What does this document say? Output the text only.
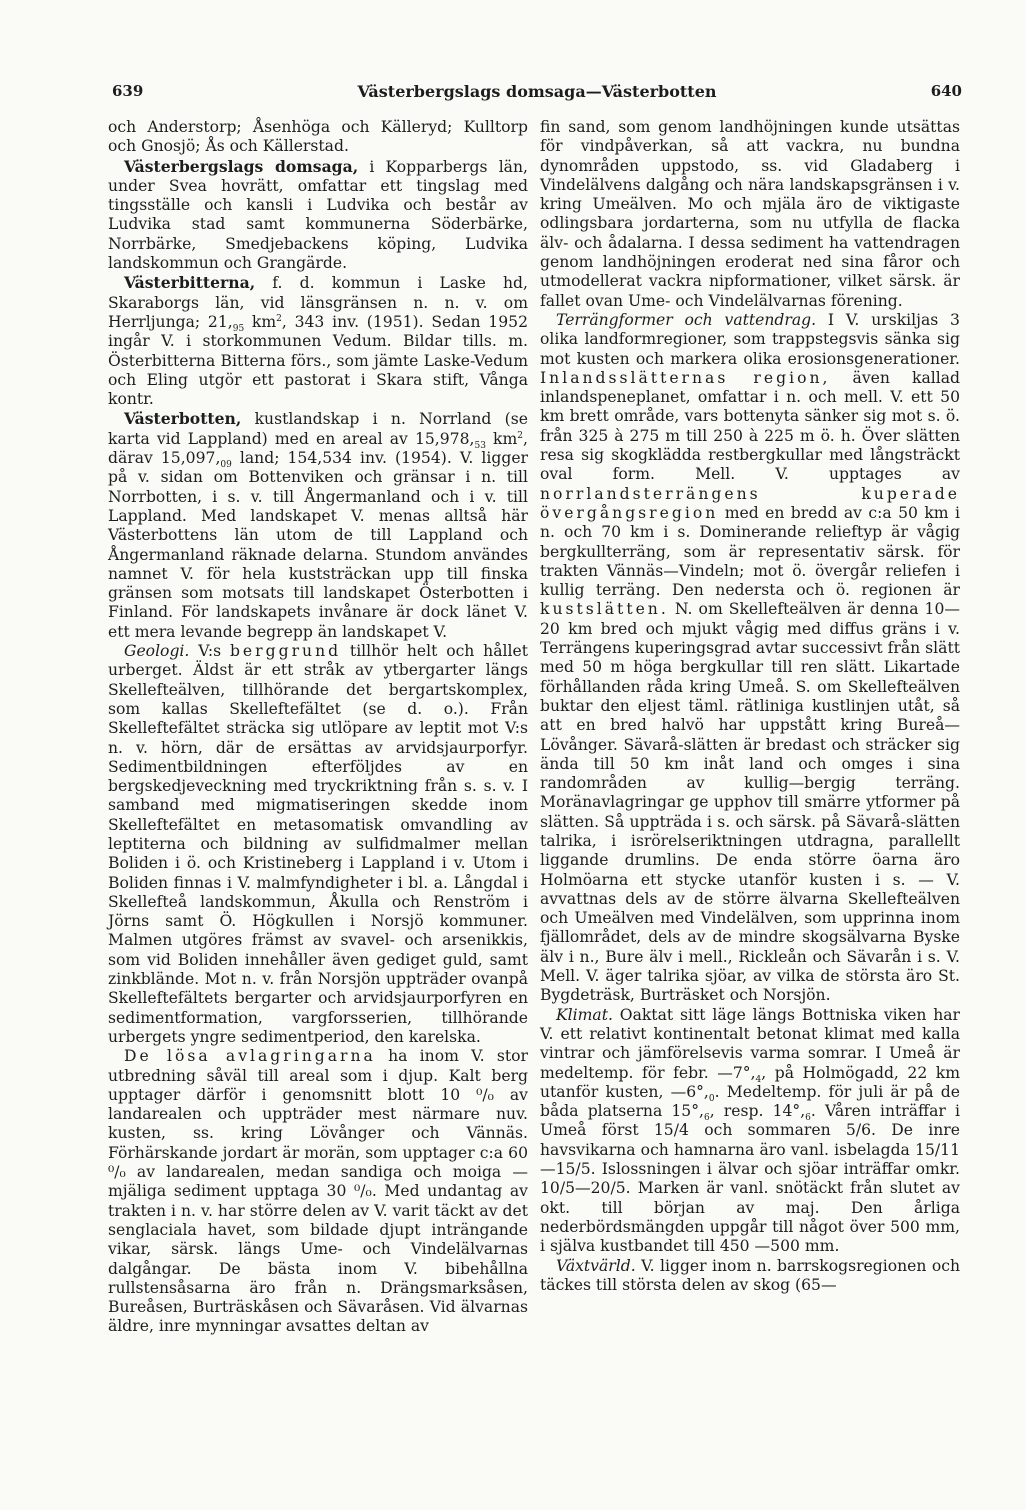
639	Västerbergslags domsaga—Västerbotten	640

och Anderstorp; Åsenhöga och Källeryd; Kulltorp och Gnosjö; Ås och Källerstad.

Västerbergslags domsaga, i Kopparbergs län, under Svea hovrätt, omfattar ett tingslag med tingsställe och kansli i Ludvika och består av Ludvika stad samt kommunerna Söderbärke, Norrbärke, Smedjebackens köping, Ludvika landskommun och Grangärde.

Västerbitterna, f. d. kommun i Laske hd, Skaraborgs län, vid länsgränsen n. n. v. om Herrljunga; $21,_{95}$ $km^2$, 343 inv. (1951). Sedan 1952 ingår V. i storkommunen Vedum. Bildar tills. m. Österbitterna Bitterna förs., som jämte Laske-Vedum och Eling utgör ett pastorat i Skara stift, Vånga kontr.

Västerbotten, kustlandskap i n. Norrland (se karta vid Lappland) med en areal av $15,978,_{53}$ $km^2$, därav $15,097,_{09}$ land; 154,534 inv. (1954). V. ligger på v. sidan om Bottenviken och gränsar i n. till Norrbotten, i s. v. till Ångermanland och i v. till Lappland. Med landskapet V. menas alltså här Västerbottens län utom de till Lappland och Ångermanland räknade delarna. Stundom användes namnet V. för hela kuststräckan upp till finska gränsen som motsats till landskapet Österbotten i Finland. För landskapets invånare är dock länet V. ett mera levande begrepp än landskapet V.

Geologi. V:s berggrund tillhör helt och hållet urberget. Äldst är ett stråk av ytbergarter längs Skellefteälven, tillhörande det bergartskomplex, som kallas Skelleftefältet (se d. o.). Från Skelleftefältet sträcka sig utlöpare av leptit mot V:s n. v. hörn, där de ersättas av arvidsjaurporfyr. Sedimentbildningen efterföljdes av en bergskedjeveckning med tryckriktning från s. s. v. I samband med migmatiseringen skedde inom Skelleftefältet en metasomatisk omvandling av leptiterna och bildning av sulfidmalmer mellan Boliden i ö. och Kristineberg i Lappland i v. Utom i Boliden finnas i V. malmfyndigheter i bl. a. Långdal i Skellefteå landskommun, Åkulla och Renström i Jörns samt Ö. Högkullen i Norsjö kommuner. Malmen utgöres främst av svavel- och arsenikkis, som vid Boliden innehåller även gediget guld, samt zinkblände. Mot n. v. från Norsjön uppträder ovanpå Skelleftefältets bergarter och arvidsjaurporfyren en sedimentformation, vargforsserien, tillhörande urbergets yngre sedimentperiod, den karelska.

De lösa avlagringarna ha inom V. stor utbredning såväl till areal som i djup. Kalt berg upptager därför i genomsnitt blott 10 ⁰/₀ av landarealen och uppträder mest närmare nuv. kusten, ss. kring Lövånger och Vännäs. Förhärskande jordart är morän, som upptager c:a 60 ⁰/₀ av landarealen, medan sandiga och moiga —mjäliga sediment upptaga 30 ⁰/₀. Med undantag av trakten i n. v. har större delen av V. varit täckt av det senglaciala havet, som bildade djupt inträngande vikar, särsk. längs Ume- och Vindelälvarnas dalgångar. De bästa inom V. bibehållna rullstensåsarna äro från n. Drängsmarksåsen, Bureåsen, Burträskåsen och Sävaråsen. Vid älvarnas äldre, inre mynningar avsattes deltan av

fin sand, som genom landhöjningen kunde utsättas för vindpåverkan, så att vackra, nu bundna dynområden uppstodo, ss. vid Gladaberg i Vindelälvens dalgång och nära landskapsgränsen i v. kring Umeälven. Mo och mjäla äro de viktigaste odlingsbara jordarterna, som nu utfylla de flacka älv- och ådalarna. I dessa sediment ha vattendragen genom landhöjningen eroderat ned sina fåror och utmodellerat vackra nipformationer, vilket särsk. är fallet ovan Ume- och Vindelälvarnas förening.

Terrängformer och vattendrag. I V. urskiljas 3 olika landformregioner, som trappstegsvis sänka sig mot kusten och markera olika erosionsgenerationer. Inlandsslätternas region, även kallad inlandspeneplanet, omfattar i n. och mell. V. ett 50 km brett område, vars bottenyta sänker sig mot s. ö. från 325 à 275 m till 250 à 225 m ö. h. Över slätten resa sig skogklädda restbergkullar med långsträckt oval form. Mell. V. upptages av norrlandsterrängens kuperade övergångsregion med en bredd av c:a 50 km i n. och 70 km i s. Dominerande relieftyp är vågig bergkullterräng, som är representativ särsk. för trakten Vännäs—Vindeln; mot ö. övergår reliefen i kullig terräng. Den nedersta och ö. regionen är kustslätten. N. om Skellefteälven är denna 10—20 km bred och mjukt vågig med diffus gräns i v. Terrängens kuperingsgrad avtar successivt från slätt med 50 m höga bergkullar till ren slätt. Likartade förhållanden råda kring Umeå. S. om Skellefteälven buktar den eljest täml. rätliniga kustlinjen utåt, så att en bred halvö har uppstått kring Bureå—Lövånger. Sävarå-slätten är bredast och sträcker sig ända till 50 km inåt land och omges i sina randområden av kullig—bergig terräng. Moränavlagringar ge upphov till smärre ytformer på slätten. Så uppträda i s. och särsk. på Sävarå-slätten talrika, i isrörelseriktningen utdragna, parallellt liggande drumlins. De enda större öarna äro Holmöarna ett stycke utanför kusten i s. — V. avvattnas dels av de större älvarna Skellefteälven och Umeälven med Vindelälven, som upprinna inom fjällområdet, dels av de mindre skogsälvarna Byske älv i n., Bure älv i mell., Rickleån och Sävarån i s. V. Mell. V. äger talrika sjöar, av vilka de största äro St. Bygdeträsk, Burträsket och Norsjön.

Klimat. Oaktat sitt läge längs Bottniska viken har V. ett relativt kontinentalt betonat klimat med kalla vintrar och jämförelsevis varma somrar. I Umeå är medeltemp. för febr. $—7^\circ,_4$, på Holmögadd, 22 km utanför kusten, $—6^\circ,_0$. Medeltemp. för juli är på de båda platserna $15^\circ,_6$, resp. $14^\circ,_6$. Våren inträffar i Umeå först 15/4 och sommaren 5/6. De inre havsvikarna och hamnarna äro vanl. isbelagda 15/11—15/5. Islossningen i älvar och sjöar inträffar omkr. 10/5—20/5. Marken är vanl. snötäckt från slutet av okt. till början av maj. Den årliga nederbördsmängden uppgår till något över 500 mm, i själva kustbandet till 450 —500 mm.

Växtvärld. V. ligger inom n. barrskogsregionen och täckes till största delen av skog (65—
